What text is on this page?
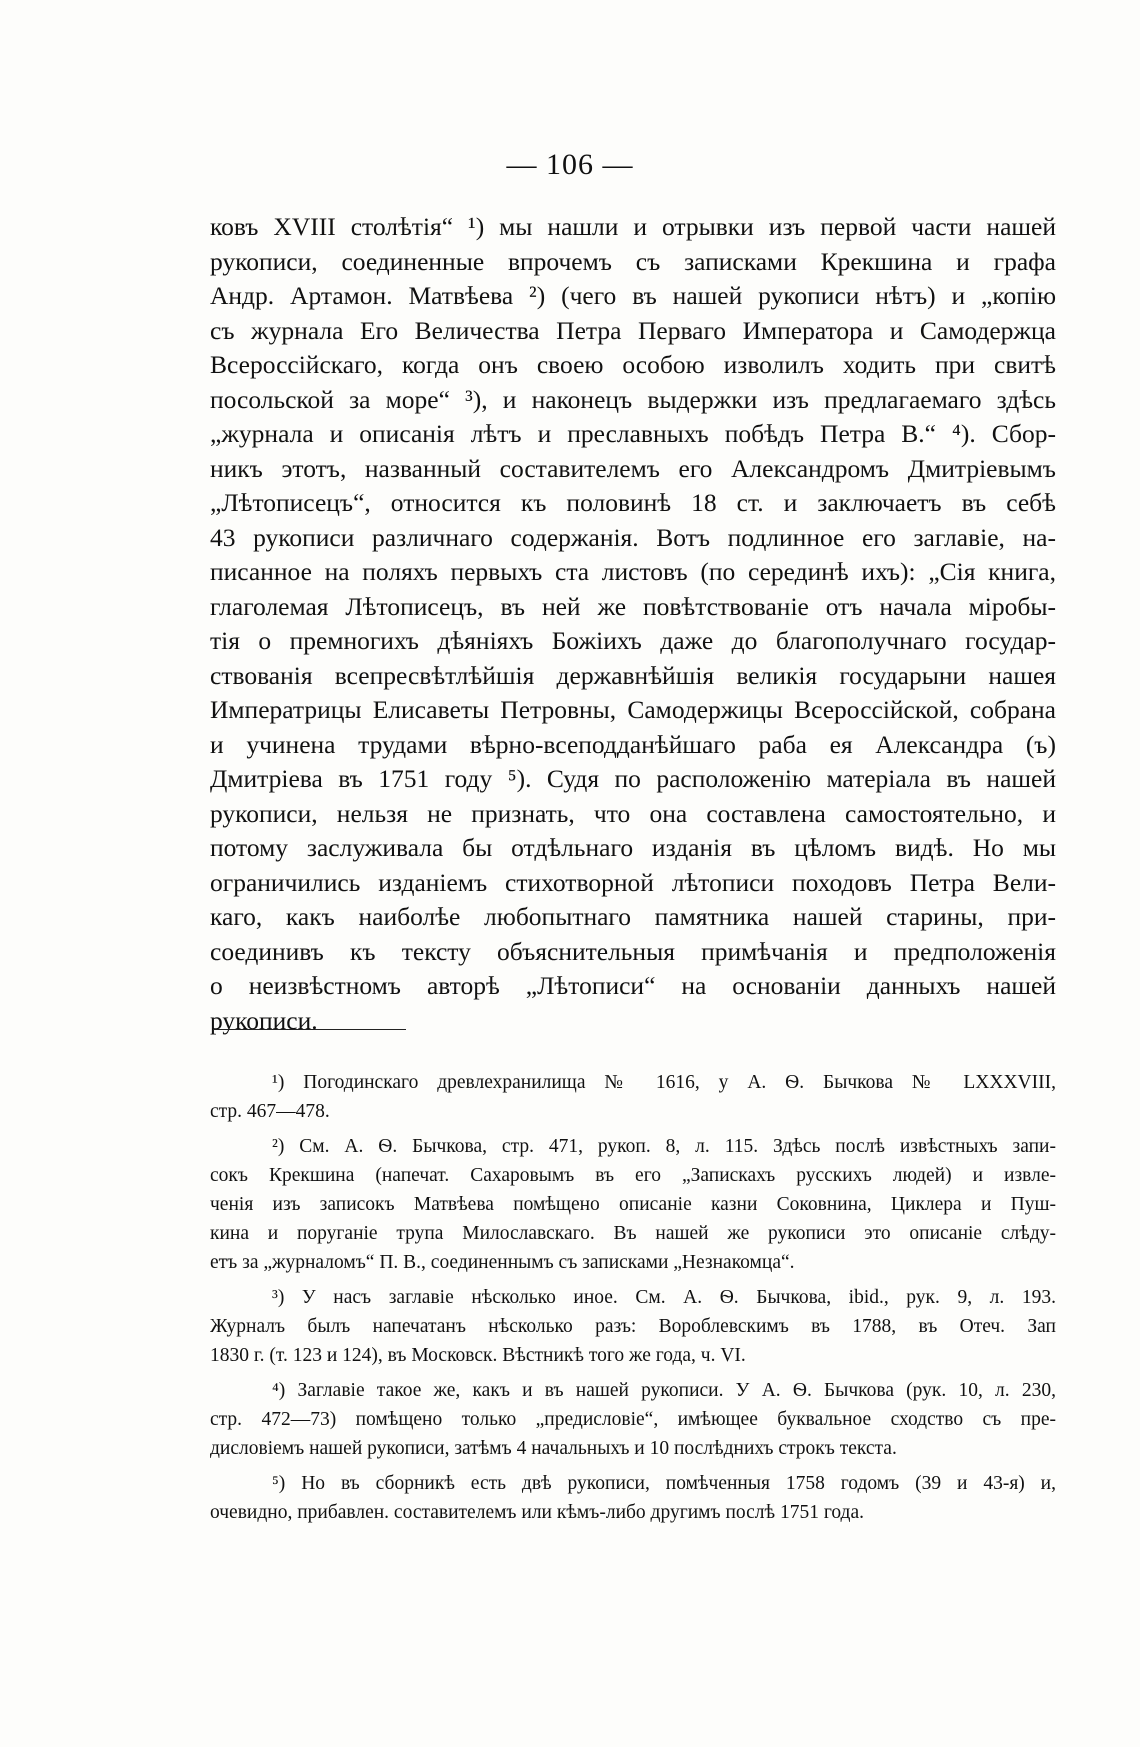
— 106 —
ковъ XVIII столѣтія“ ¹) мы нашли и отрывки изъ первой части нашей
рукописи, соединенные впрочемъ съ записками Крекшина и графа
Андр. Артамон. Матвѣева ²) (чего въ нашей рукописи нѣтъ) и „копію
съ журнала Его Величества Петра Перваго Императора и Самодержца
Всероссійскаго, когда онъ своею особою изволилъ ходить при свитѣ
посольской за море“ ³), и наконецъ выдержки изъ предлагаемаго здѣсь
„журнала и описанія лѣтъ и преславныхъ побѣдъ Петра В.“ ⁴). Сбор-
никъ этотъ, названный составителемъ его Александромъ Дмитріевымъ
„Лѣтописецъ“, относится къ половинѣ 18 ст. и заключаетъ въ себѣ
43 рукописи различнаго содержанія. Вотъ подлинное его заглавіе, на-
писанное на поляхъ первыхъ ста листовъ (по серединѣ ихъ): „Сія книга,
глаголемая Лѣтописецъ, въ ней же повѣтствованіе отъ начала міробы-
тія о премногихъ дѣяніяхъ Божіихъ даже до благополучнаго государ-
ствованія всепресвѣтлѣйшія державнѣйшія великія государыни нашея
Императрицы Елисаветы Петровны, Самодержицы Всероссійской, собрана
и учинена трудами вѣрно-всеподданѣйшаго раба ея Александра (ъ)
Дмитріева въ 1751 году ⁵). Судя по расположенію матеріала въ нашей
рукописи, нельзя не признать, что она составлена самостоятельно, и
потому заслуживала бы отдѣльнаго изданія въ цѣломъ видѣ. Но мы
ограничились изданіемъ стихотворной лѣтописи походовъ Петра Вели-
каго, какъ наиболѣе любопытнаго памятника нашей старины, при-
соединивъ къ тексту объяснительныя примѣчанія и предположенія
о неизвѣстномъ авторѣ „Лѣтописи“ на основаніи данныхъ нашей
рукописи.
¹) Погодинскаго древлехранилища № 1616, у А. Ѳ. Бычкова № LXXXVIII,
стр. 467—478.
²) См. А. Ѳ. Бычкова, стр. 471, рукоп. 8, л. 115. Здѣсь послѣ извѣстныхъ запи-
сокъ Крекшина (напечат. Сахаровымъ въ его „Запискахъ русскихъ людей) и извле-
ченія изъ записокъ Матвѣева помѣщено описаніе казни Соковнина, Циклера и Пуш-
кина и поруганіе трупа Милославскаго. Въ нашей же рукописи это описаніе слѣду-
етъ за „журналомъ“ П. В., соединеннымъ съ записками „Незнакомца“.
³) У насъ заглавіе нѣсколько иное. См. А. Ѳ. Бычкова, ibid., рук. 9, л. 193.
Журналъ былъ напечатанъ нѣсколько разъ: Вороблевскимъ въ 1788, въ Отеч. Зап
1830 г. (т. 123 и 124), въ Московск. Вѣстникѣ того же года, ч. VI.
⁴) Заглавіе такое же, какъ и въ нашей рукописи. У А. Ѳ. Бычкова (рук. 10, л. 230,
стр. 472—73) помѣщено только „предисловіе“, имѣющее буквальное сходство съ пре-
дисловіемъ нашей рукописи, затѣмъ 4 начальныхъ и 10 послѣднихъ строкъ текста.
⁵) Но въ сборникѣ есть двѣ рукописи, помѣченныя 1758 годомъ (39 и 43-я) и,
очевидно, прибавлен. составителемъ или кѣмъ-либо другимъ послѣ 1751 года.
